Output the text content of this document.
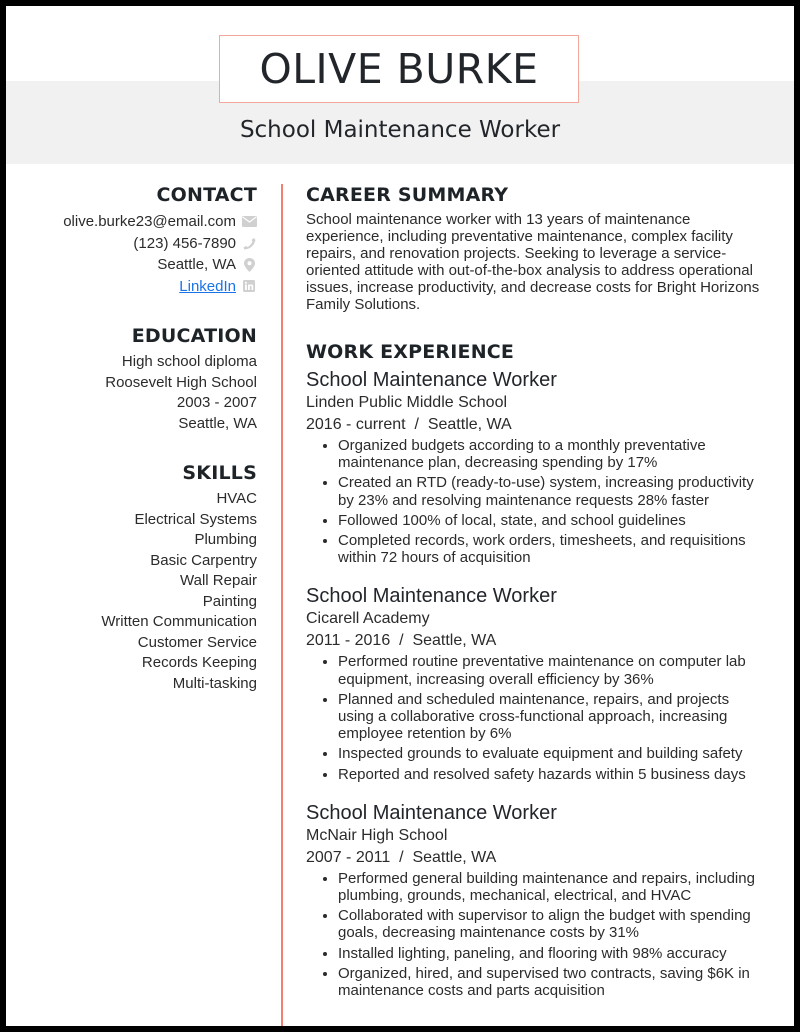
OLIVE BURKE
School Maintenance Worker
CONTACT
olive.burke23@email.com
(123) 456-7890
Seattle, WA
LinkedIn
EDUCATION
High school diploma
Roosevelt High School
2003 - 2007
Seattle, WA
SKILLS
HVAC
Electrical Systems
Plumbing
Basic Carpentry
Wall Repair
Painting
Written Communication
Customer Service
Records Keeping
Multi-tasking
CAREER SUMMARY

School maintenance worker with 13 years of maintenance experience, including preventative maintenance, complex facility repairs, and renovation projects. Seeking to leverage a service-oriented attitude with out-of-the-box analysis to address operational issues, increase productivity, and decrease costs for Bright Horizons Family Solutions.

WORK EXPERIENCE
School Maintenance Worker
Linden Public Middle School
2016 - current  /  Seattle, WA
• Organized budgets according to a monthly preventative maintenance plan, decreasing spending by 17%
• Created an RTD (ready-to-use) system, increasing productivity by 23% and resolving maintenance requests 28% faster
• Followed 100% of local, state, and school guidelines
• Completed records, work orders, timesheets, and requisitions within 72 hours of acquisition
School Maintenance Worker
Cicarell Academy
2011 - 2016  /  Seattle, WA
• Performed routine preventative maintenance on computer lab equipment, increasing overall efficiency by 36%
• Planned and scheduled maintenance, repairs, and projects using a collaborative cross-functional approach, increasing employee retention by 6%
• Inspected grounds to evaluate equipment and building safety
• Reported and resolved safety hazards within 5 business days
School Maintenance Worker
McNair High School
2007 - 2011  /  Seattle, WA
• Performed general building maintenance and repairs, including plumbing, grounds, mechanical, electrical, and HVAC
• Collaborated with supervisor to align the budget with spending goals, decreasing maintenance costs by 31%
• Installed lighting, paneling, and flooring with 98% accuracy
• Organized, hired, and supervised two contracts, saving $6K in maintenance costs and parts acquisition
